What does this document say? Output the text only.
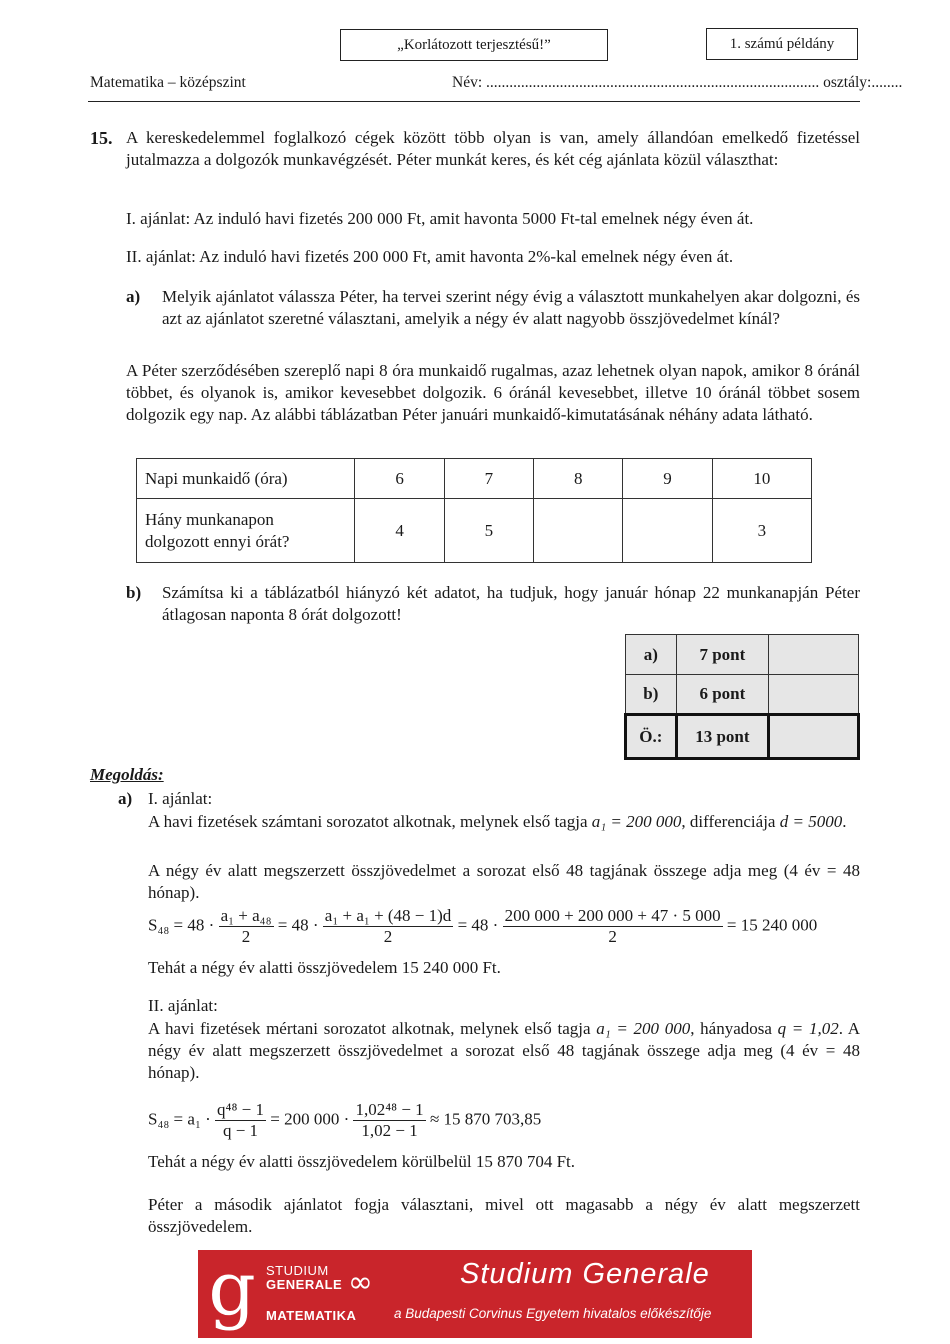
„Korlátozott terjesztésű!”	1. számú példány
Matematika – középszint	Név: ...................................................................................... osztály:........
15. A kereskedelemmel foglalkozó cégek között több olyan is van, amely állandóan emelkedő fizetéssel jutalmazza a dolgozók munkavégzését. Péter munkát keres, és két cég ajánlata közül választhat:
I. ajánlat: Az induló havi fizetés 200 000 Ft, amit havonta 5000 Ft-tal emelnek négy éven át.
II. ajánlat: Az induló havi fizetés 200 000 Ft, amit havonta 2%-kal emelnek négy éven át.
a) Melyik ajánlatot válassza Péter, ha tervei szerint négy évig a választott munkahelyen akar dolgozni, és azt az ajánlatot szeretné választani, amelyik a négy év alatt nagyobb összjövedelmet kínál?
A Péter szerződésében szereplő napi 8 óra munkaidő rugalmas, azaz lehetnek olyan napok, amikor 8 óránál többet, és olyanok is, amikor kevesebbet dolgozik. 6 óránál kevesebbet, illetve 10 óránál többet sosem dolgozik egy nap. Az alábbi táblázatban Péter januári munkaidő-kimutatásának néhány adata látható.
Napi munkaidő (óra)	6	7	8	9	10
Hány munkanapon
dolgozott ennyi órát?	4	5			3
b) Számítsa ki a táblázatból hiányzó két adatot, ha tudjuk, hogy január hónap 22 munkanapján Péter átlagosan naponta 8 órát dolgozott!
a)	7 pont	
b)	6 pont	
Ö.:	13 pont	
Megoldás:
a) I. ajánlat:
A havi fizetések számtani sorozatot alkotnak, melynek első tagja a₁ = 200 000, differenciája d = 5000.
A négy év alatt megszerzett összjövedelmet a sorozat első 48 tagjának összege adja meg (4 év = 48 hónap).
$S_{48} = 48 \cdot \frac{\text{a₁ + a₄₈}}{2} = 48 \cdot \frac{\text{a₁ + a₁ + (48 − 1)d}}{2} = 48 \cdot \frac{200 000 + 200 000 + 47 \cdot 5 000}{2} = 15$ 240 000
Tehát a négy év alatti összjövedelem 15 240 000 Ft.
II. ajánlat:
A havi fizetések mértani sorozatot alkotnak, melynek első tagja a₁ = 200 000, hányadosa q = 1,02. A négy év alatt megszerzett összjövedelmet a sorozat első 48 tagjának összege adja meg (4 év = 48 hónap).
$S_{48} = a_1 \cdot \frac{\text{q⁴⁸ − 1}}{q - 1} = 200$ $000 \cdot \frac{\text{1,02⁴⁸ − 1}}{1,02 - 1} \approx 15$ 870 703,85
Tehát a négy év alatti összjövedelem körülbelül 15 870 704 Ft.
Péter a második ajánlatot fogja választani, mivel ott magasabb a négy év alatt megszerzett összjövedelem.
g STUDIUM
GENERALE
MATEMATIKA
∞	Studium Generale
a Budapesti Corvinus Egyetem hivatalos előkészítője
